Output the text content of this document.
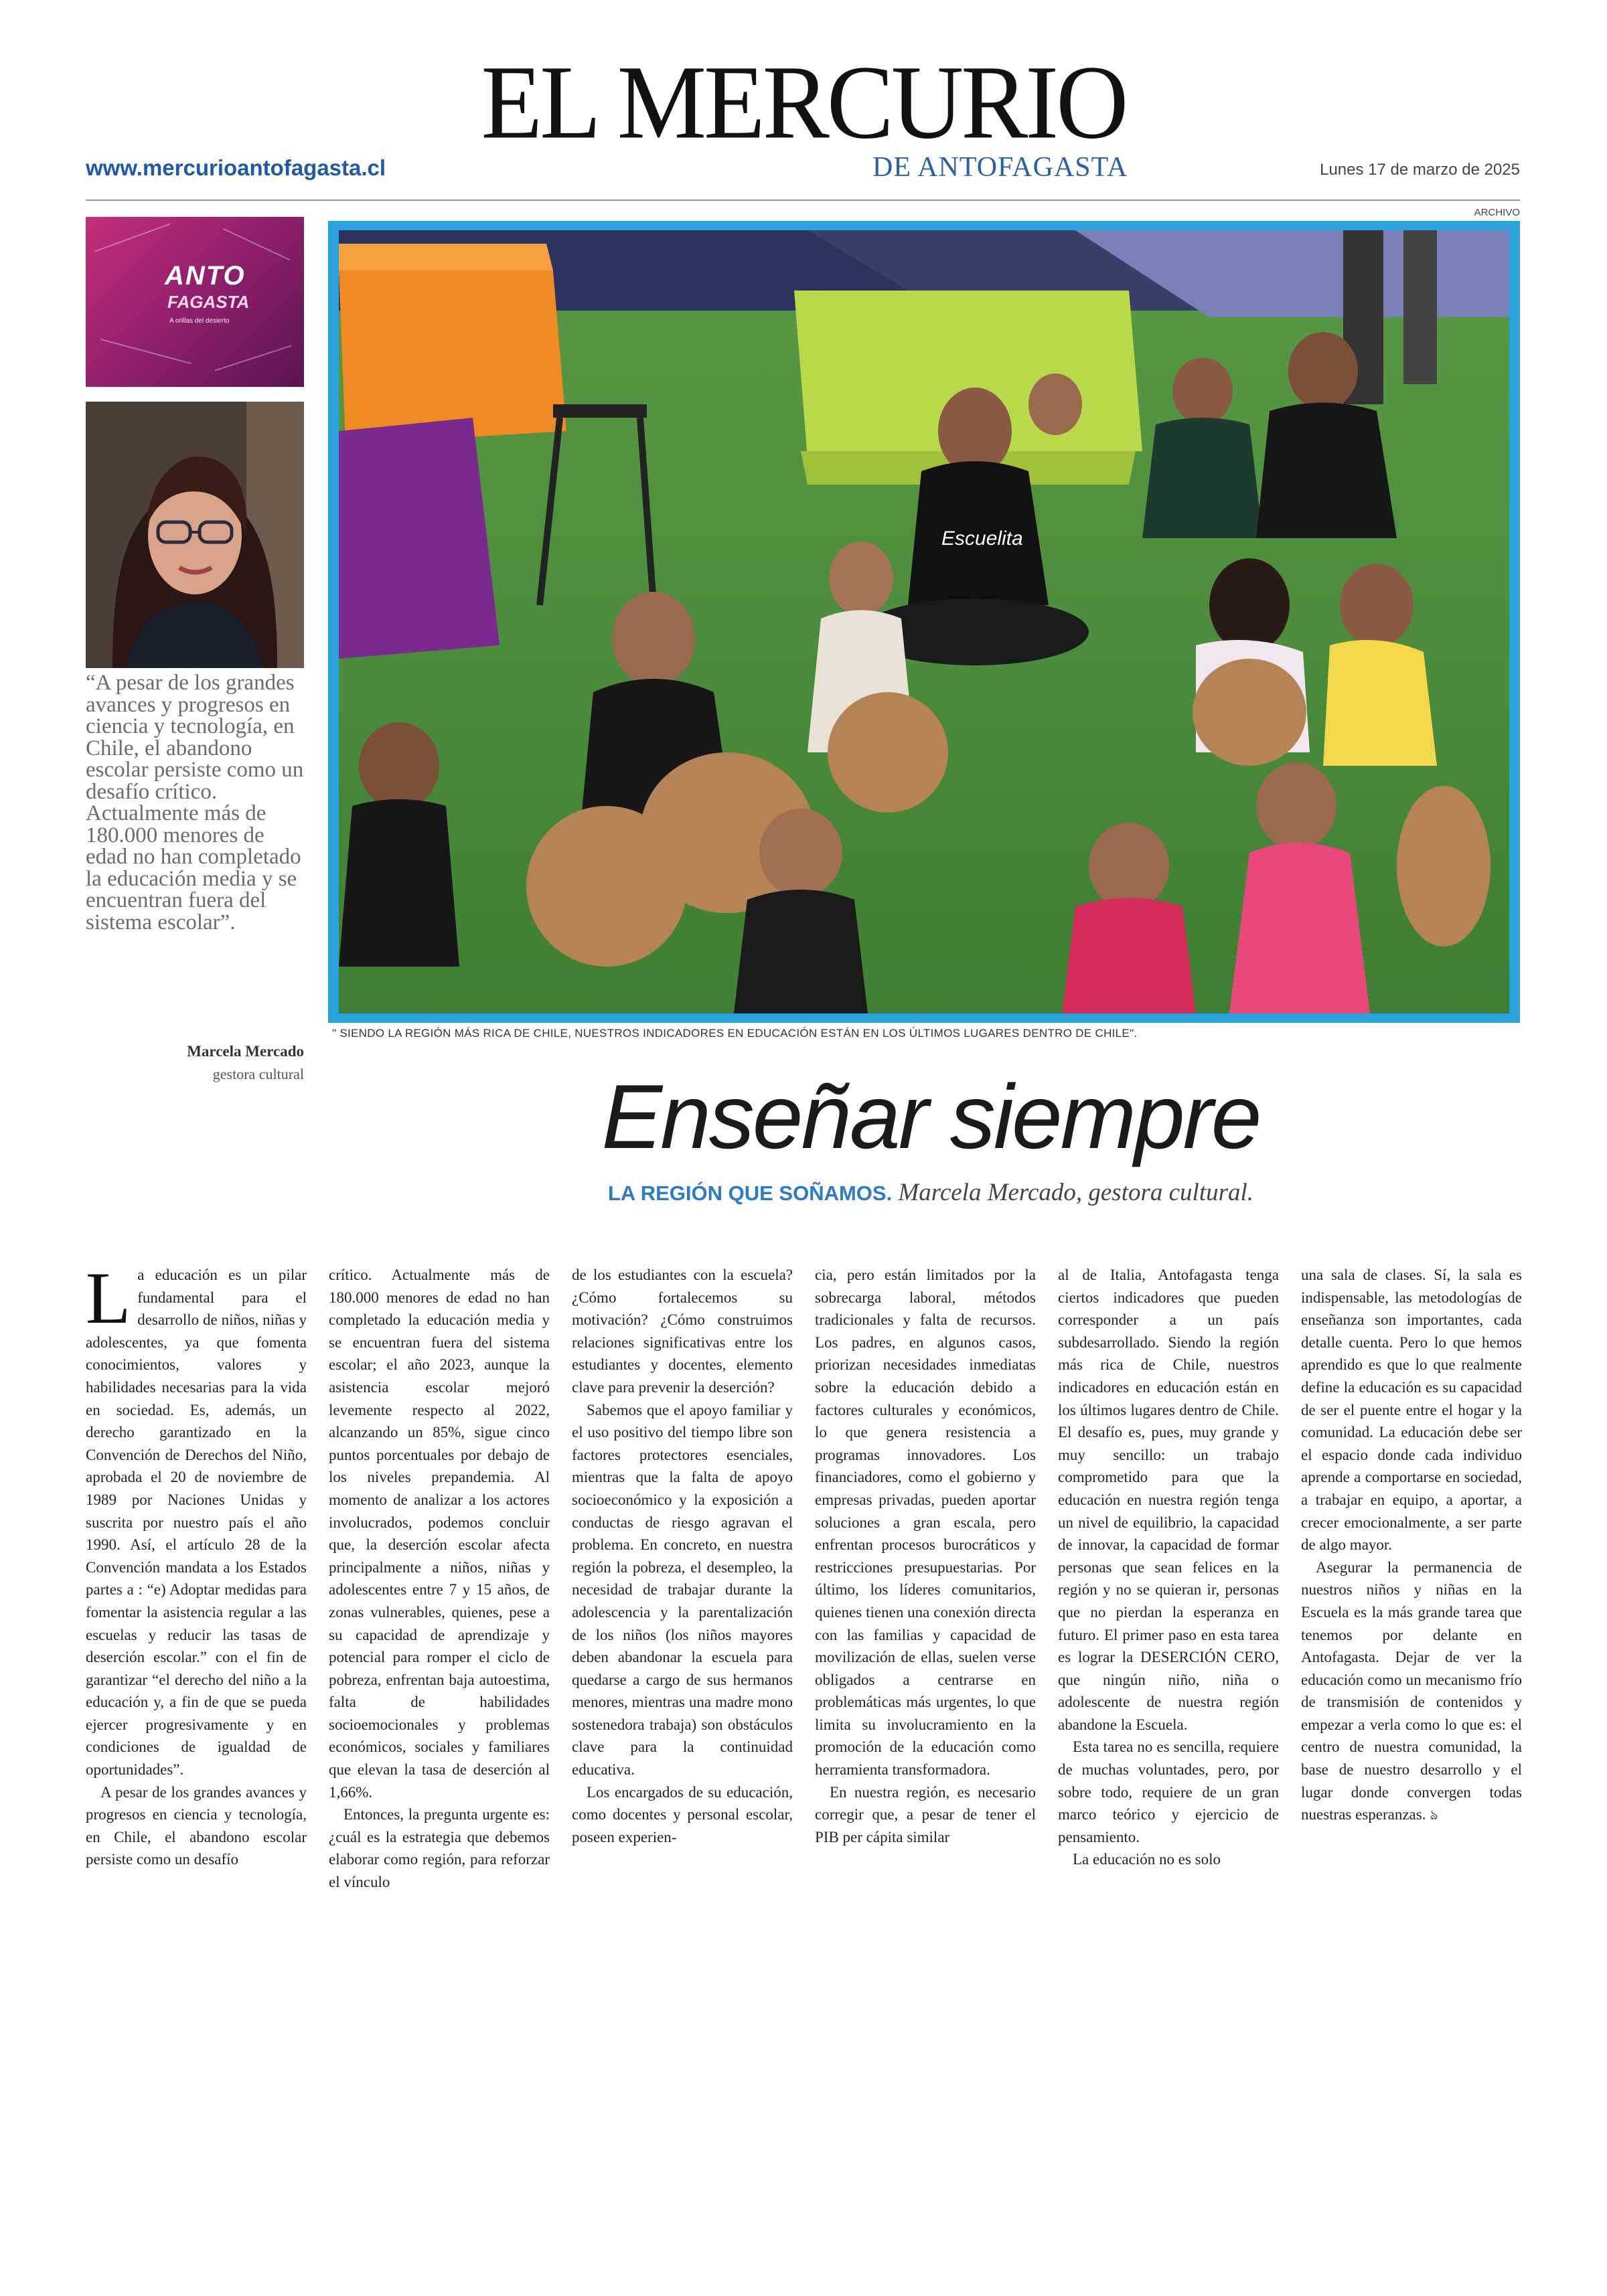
EL MERCURIO
www.mercurioantofagasta.cl	DE ANTOFAGASTA	Lunes 17 de marzo de 2025
ARCHIVO
ANTO
FAGASTA
A orillas del desierto
“A pesar de los grandes avances y progresos en ciencia y tecnología, en Chile, el abandono escolar persiste como un desafío crítico. Actualmente más de 180.000 menores de edad no han completado la educación media y se encuentran fuera del sistema escolar”.
Marcela Mercado
gestora cultural
Escuelita
" SIENDO LA REGIÓN MÁS RICA DE CHILE, NUESTROS INDICADORES EN EDUCACIÓN ESTÁN EN LOS ÚLTIMOS LUGARES DENTRO DE CHILE".
Enseñar siempre
LA REGIÓN QUE SOÑAMOS. Marcela Mercado, gestora cultural.

La educación es un pilar fundamental para el desarrollo de niños, niñas y adolescentes, ya que fomenta conocimientos, valores y habilidades necesarias para la vida en sociedad. Es, además, un derecho garantizado en la Convención de Derechos del Niño, aprobada el 20 de noviembre de 1989 por Naciones Unidas y suscrita por nuestro país el año 1990. Así, el artículo 28 de la Convención mandata a los Estados partes a : “e) Adoptar medidas para fomentar la asistencia regular a las escuelas y reducir las tasas de deserción escolar.” con el fin de garantizar “el derecho del niño a la educación y, a fin de que se pueda ejercer progresivamente y en condiciones de igualdad de oportunidades”.

A pesar de los grandes avances y progresos en ciencia y tecnología, en Chile, el abandono escolar persiste como un desafío

crítico. Actualmente más de 180.000 menores de edad no han completado la educación media y se encuentran fuera del sistema escolar; el año 2023, aunque la asistencia escolar mejoró levemente respecto al 2022, alcanzando un 85%, sigue cinco puntos porcentuales por debajo de los niveles prepandemia. Al momento de analizar a los actores involucrados, podemos concluir que, la deserción escolar afecta principalmente a niños, niñas y adolescentes entre 7 y 15 años, de zonas vulnerables, quienes, pese a su capacidad de aprendizaje y potencial para romper el ciclo de pobreza, enfrentan baja autoestima, falta de habilidades socioemocionales y problemas económicos, sociales y familiares que elevan la tasa de deserción al 1,66%.

Entonces, la pregunta urgente es: ¿cuál es la estrategia que debemos elaborar como región, para reforzar el vínculo

de los estudiantes con la escuela? ¿Cómo fortalecemos su motivación? ¿Cómo construimos relaciones significativas entre los estudiantes y docentes, elemento clave para prevenir la deserción?

Sabemos que el apoyo familiar y el uso positivo del tiempo libre son factores protectores esenciales, mientras que la falta de apoyo socioeconómico y la exposición a conductas de riesgo agravan el problema. En concreto, en nuestra región la pobreza, el desempleo, la necesidad de trabajar durante la adolescencia y la parentalización de los niños (los niños mayores deben abandonar la escuela para quedarse a cargo de sus hermanos menores, mientras una madre mono sostenedora trabaja) son obstáculos clave para la continuidad educativa.

Los encargados de su educación, como docentes y personal escolar, poseen experien-

cia, pero están limitados por la sobrecarga laboral, métodos tradicionales y falta de recursos. Los padres, en algunos casos, priorizan necesidades inmediatas sobre la educación debido a factores culturales y económicos, lo que genera resistencia a programas innovadores. Los financiadores, como el gobierno y empresas privadas, pueden aportar soluciones a gran escala, pero enfrentan procesos burocráticos y restricciones presupuestarias. Por último, los líderes comunitarios, quienes tienen una conexión directa con las familias y capacidad de movilización de ellas, suelen verse obligados a centrarse en problemáticas más urgentes, lo que limita su involucramiento en la promoción de la educación como herramienta transformadora.

En nuestra región, es necesario corregir que, a pesar de tener el PIB per cápita similar

al de Italia, Antofagasta tenga ciertos indicadores que pueden corresponder a un país subdesarrollado. Siendo la región más rica de Chile, nuestros indicadores en educación están en los últimos lugares dentro de Chile. El desafío es, pues, muy grande y muy sencillo: un trabajo comprometido para que la educación en nuestra región tenga un nivel de equilibrio, la capacidad de innovar, la capacidad de formar personas que sean felices en la región y no se quieran ir, personas que no pierdan la esperanza en futuro. El primer paso en esta tarea es lograr la DESERCIÓN CERO, que ningún niño, niña o adolescente de nuestra región abandone la Escuela.

Esta tarea no es sencilla, requiere de muchas voluntades, pero, por sobre todo, requiere de un gran marco teórico y ejercicio de pensamiento.

La educación no es solo

una sala de clases. Sí, la sala es indispensable, las metodologías de enseñanza son importantes, cada detalle cuenta. Pero lo que hemos aprendido es que lo que realmente define la educación es su capacidad de ser el puente entre el hogar y la comunidad. La educación debe ser el espacio donde cada individuo aprende a comportarse en sociedad, a trabajar en equipo, a aportar, a crecer emocionalmente, a ser parte de algo mayor.

Asegurar la permanencia de nuestros niños y niñas en la Escuela es la más grande tarea que tenemos por delante en Antofagasta. Dejar de ver la educación como un mecanismo frío de transmisión de contenidos y empezar a verla como lo que es: el centro de nuestra comunidad, la base de nuestro desarrollo y el lugar donde convergen todas nuestras esperanzas. ঌ
